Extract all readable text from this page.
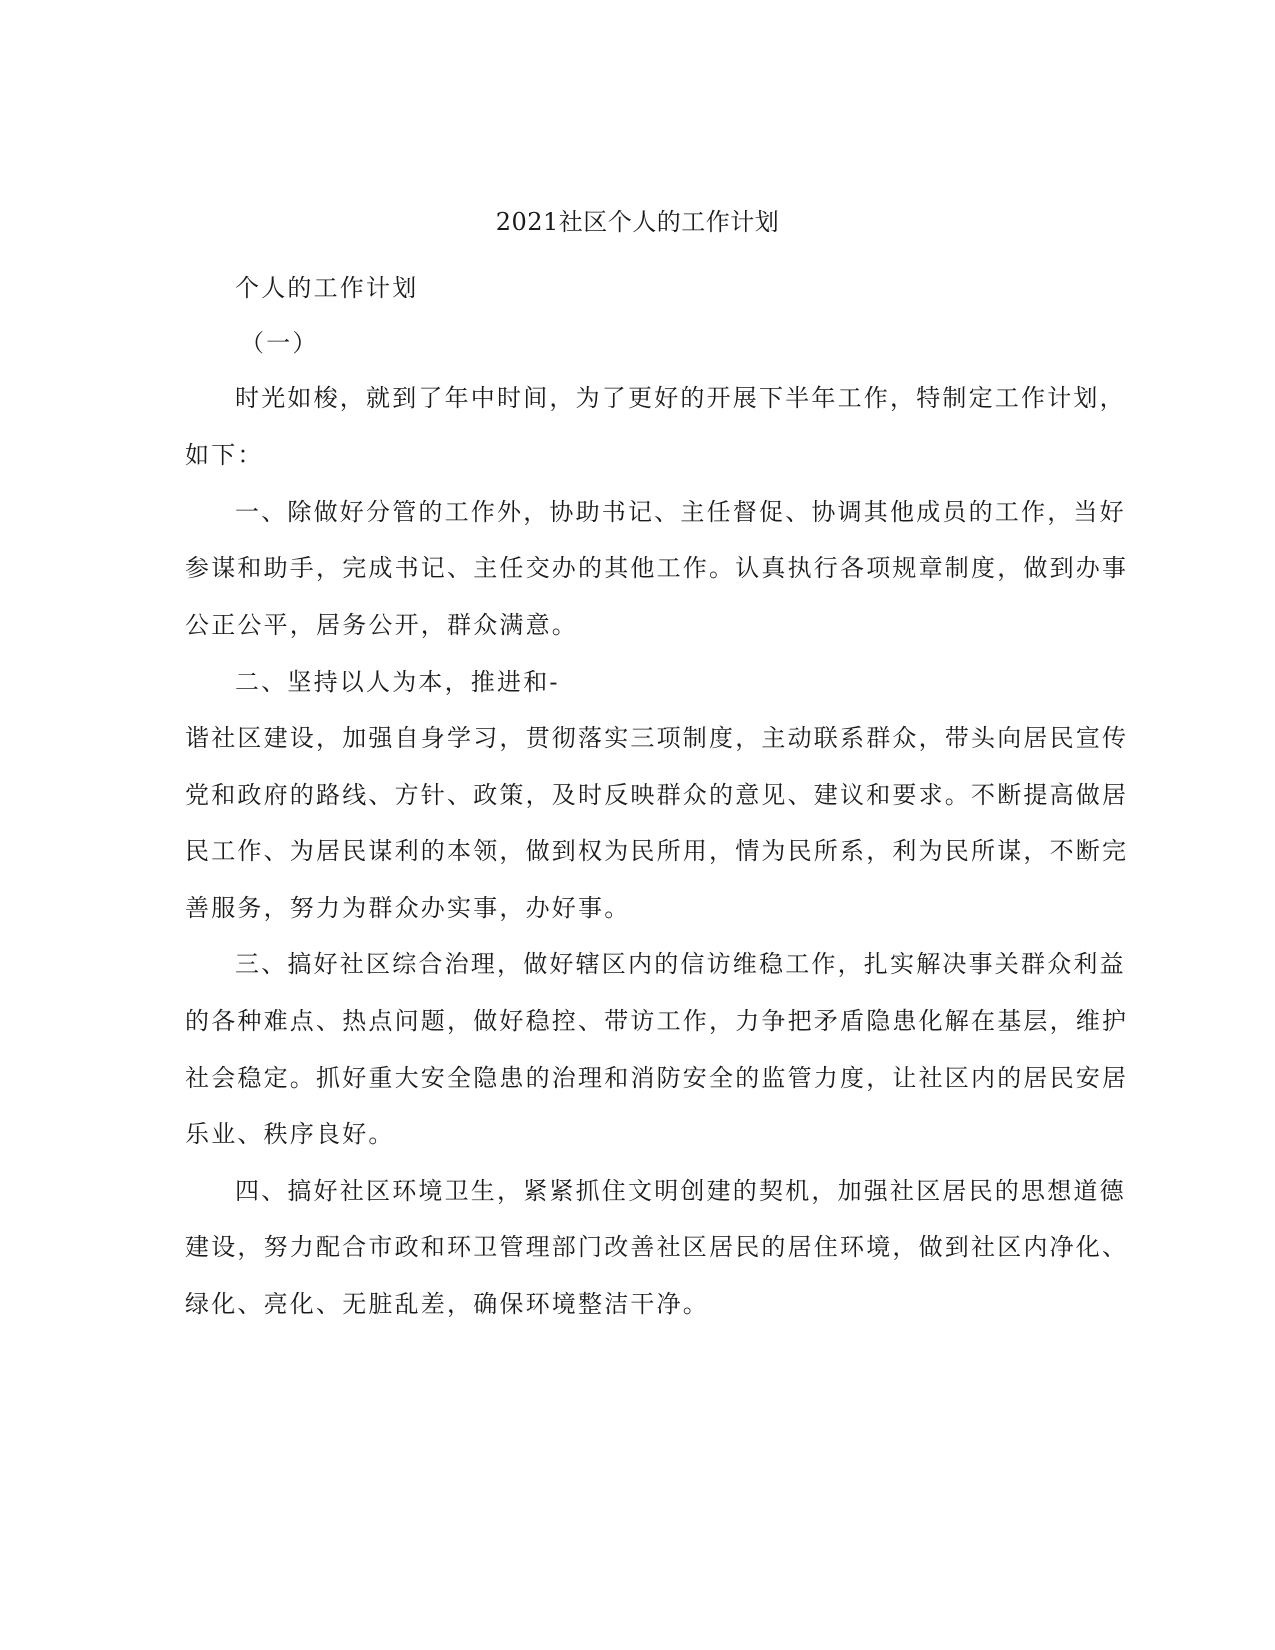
2021社区个人的工作计划
个人的工作计划
（一）
时光如梭，就到了年中时间，为了更好的开展下半年工作，特制定工作计划，
如下：
一、除做好分管的工作外，协助书记、主任督促、协调其他成员的工作，当好
参谋和助手，完成书记、主任交办的其他工作。认真执行各项规章制度，做到办事
公正公平，居务公开，群众满意。
二、坚持以人为本，推进和-
谐社区建设，加强自身学习，贯彻落实三项制度，主动联系群众，带头向居民宣传
党和政府的路线、方针、政策，及时反映群众的意见、建议和要求。不断提高做居
民工作、为居民谋利的本领，做到权为民所用，情为民所系，利为民所谋，不断完
善服务，努力为群众办实事，办好事。
三、搞好社区综合治理，做好辖区内的信访维稳工作，扎实解决事关群众利益
的各种难点、热点问题，做好稳控、带访工作，力争把矛盾隐患化解在基层，维护
社会稳定。抓好重大安全隐患的治理和消防安全的监管力度，让社区内的居民安居
乐业、秩序良好。
四、搞好社区环境卫生，紧紧抓住文明创建的契机，加强社区居民的思想道德
建设，努力配合市政和环卫管理部门改善社区居民的居住环境，做到社区内净化、
绿化、亮化、无脏乱差，确保环境整洁干净。
